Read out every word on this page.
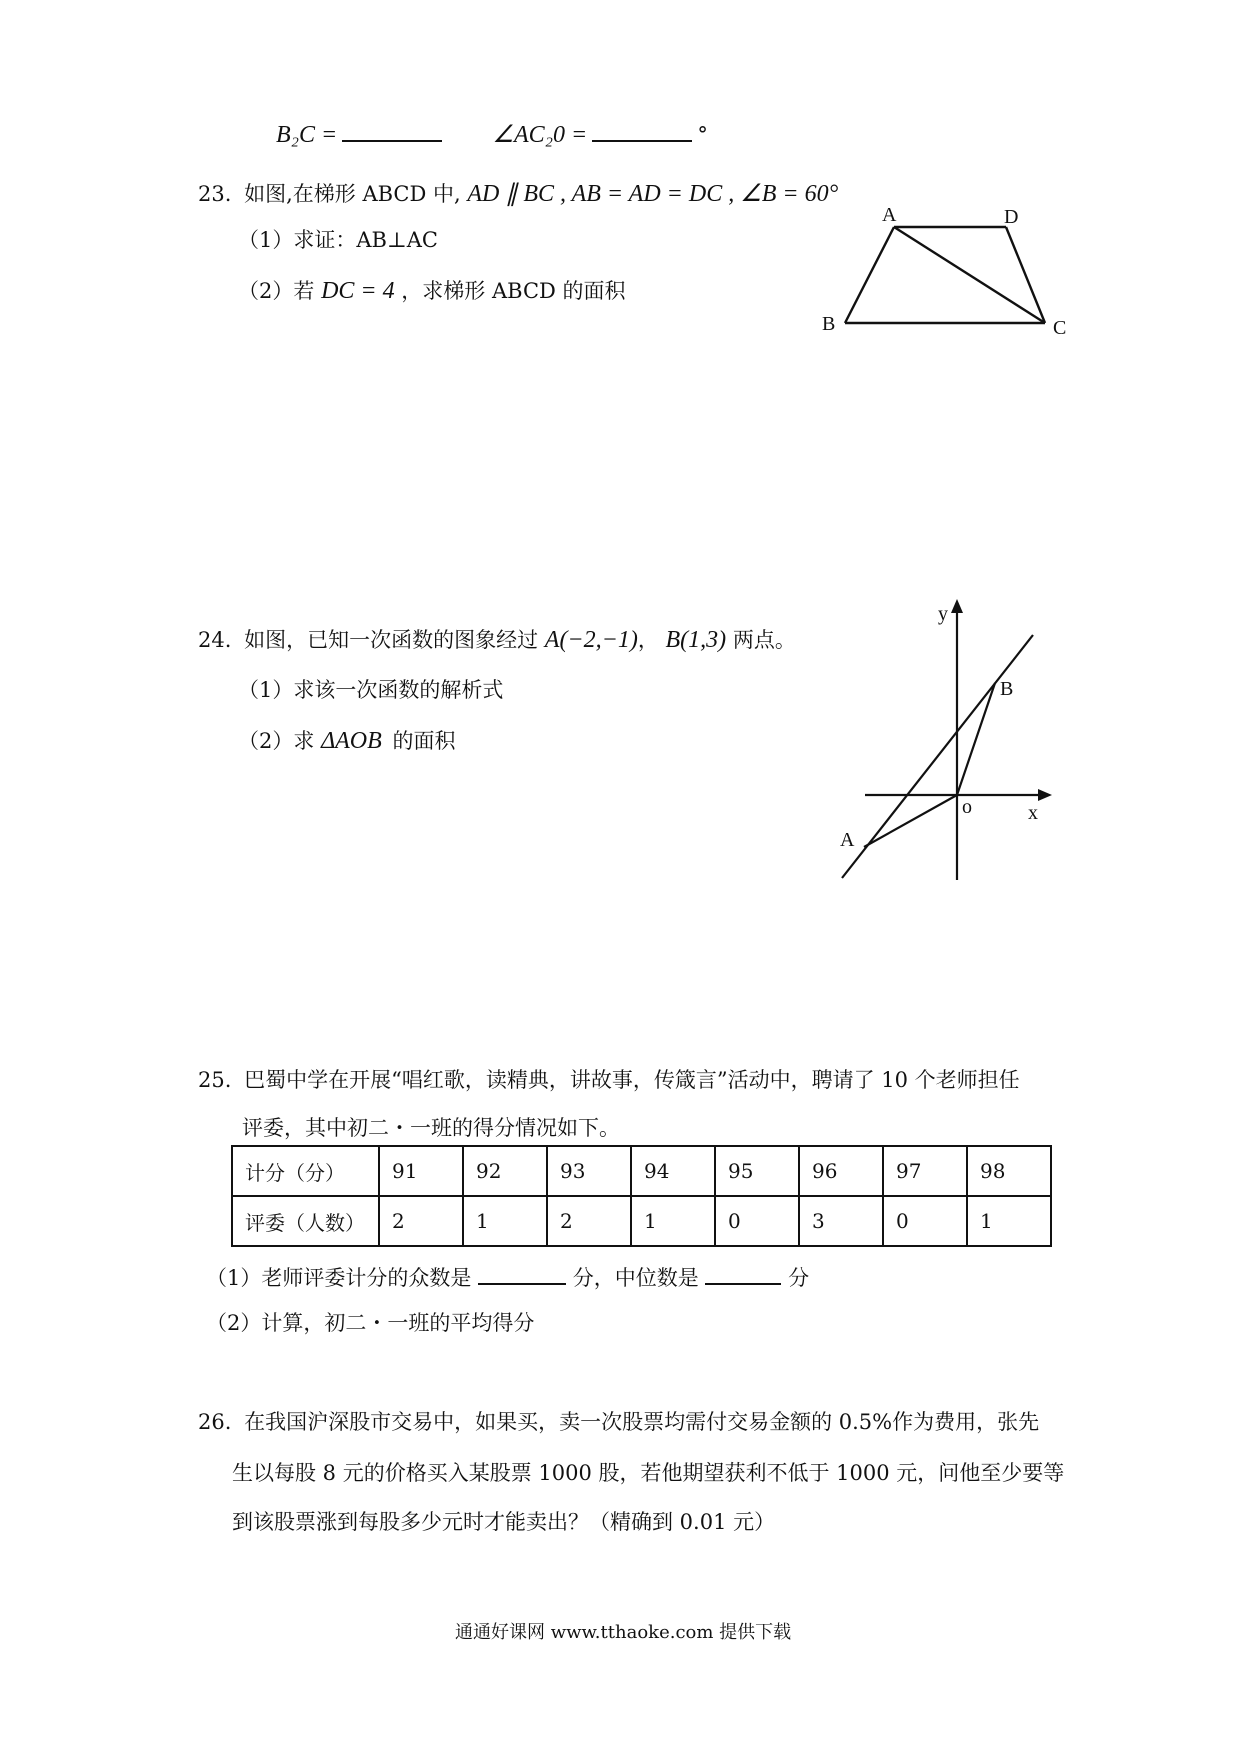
B₂C =	∠AC₂0 =	°
23. 如图,在梯形 ABCD 中, AD ∥ BC , AB = AD = DC , ∠B = 60°
（1）求证：AB⊥AC
（2）若 DC = 4 ，求梯形 ABCD 的面积
A	D
B	C
24. 如图，已知一次函数的图象经过 A(−2,−1)， B(1,3) 两点。
（1）求该一次函数的解析式
（2）求 ΔAOB 的面积
y
x
o
A
B
25. 巴蜀中学在开展“唱红歌，读精典，讲故事，传箴言”活动中，聘请了 10 个老师担任
评委，其中初二・一班的得分情况如下。
计分（分）	91	92	93	94	95	96	97	98
评委（人数）	2	1	2	1	0	3	0	1
（1）老师评委计分的众数是	分，中位数是	分
（2）计算，初二・一班的平均得分
26. 在我国沪深股市交易中，如果买，卖一次股票均需付交易金额的 0.5%作为费用，张先
生以每股 8 元的价格买入某股票 1000 股，若他期望获利不低于 1000 元，问他至少要等
到该股票涨到每股多少元时才能卖出？（精确到 0.01 元）
通通好课网 www.tthaoke.com 提供下载
